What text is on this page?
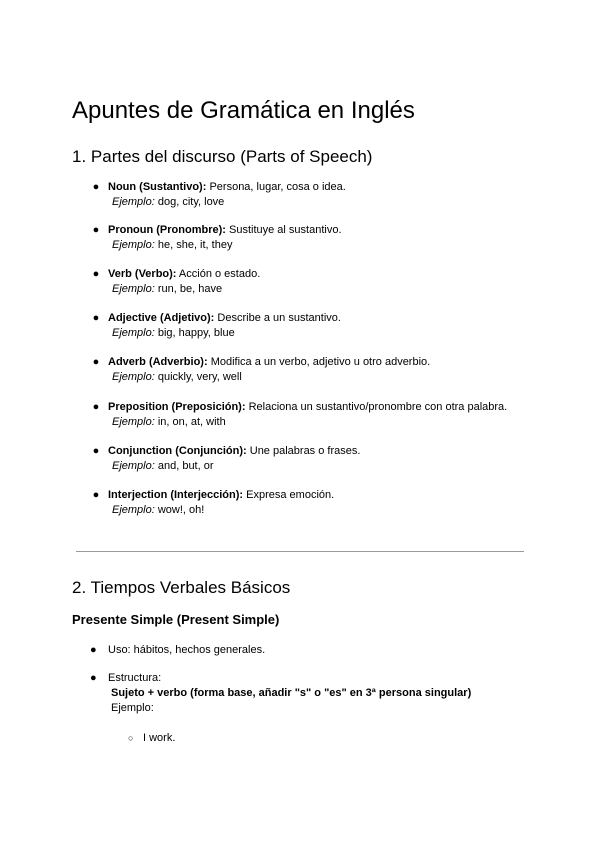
Apuntes de Gramática en Inglés
1. Partes del discurso (Parts of Speech)
● Noun (Sustantivo): Persona, lugar, cosa o idea.
Ejemplo: dog, city, love
● Pronoun (Pronombre): Sustituye al sustantivo.
Ejemplo: he, she, it, they
● Verb (Verbo): Acción o estado.
Ejemplo: run, be, have
● Adjective (Adjetivo): Describe a un sustantivo.
Ejemplo: big, happy, blue
● Adverb (Adverbio): Modifica a un verbo, adjetivo u otro adverbio.
Ejemplo: quickly, very, well
● Preposition (Preposición): Relaciona un sustantivo/pronombre con otra palabra.
Ejemplo: in, on, at, with
● Conjunction (Conjunción): Une palabras o frases.
Ejemplo: and, but, or
● Interjection (Interjección): Expresa emoción.
Ejemplo: wow!, oh!
2. Tiempos Verbales Básicos
Presente Simple (Present Simple)
● Uso: hábitos, hechos generales.
● Estructura:
Sujeto + verbo (forma base, añadir "s" o "es" en 3ª persona singular)
Ejemplo:
○ I work.
